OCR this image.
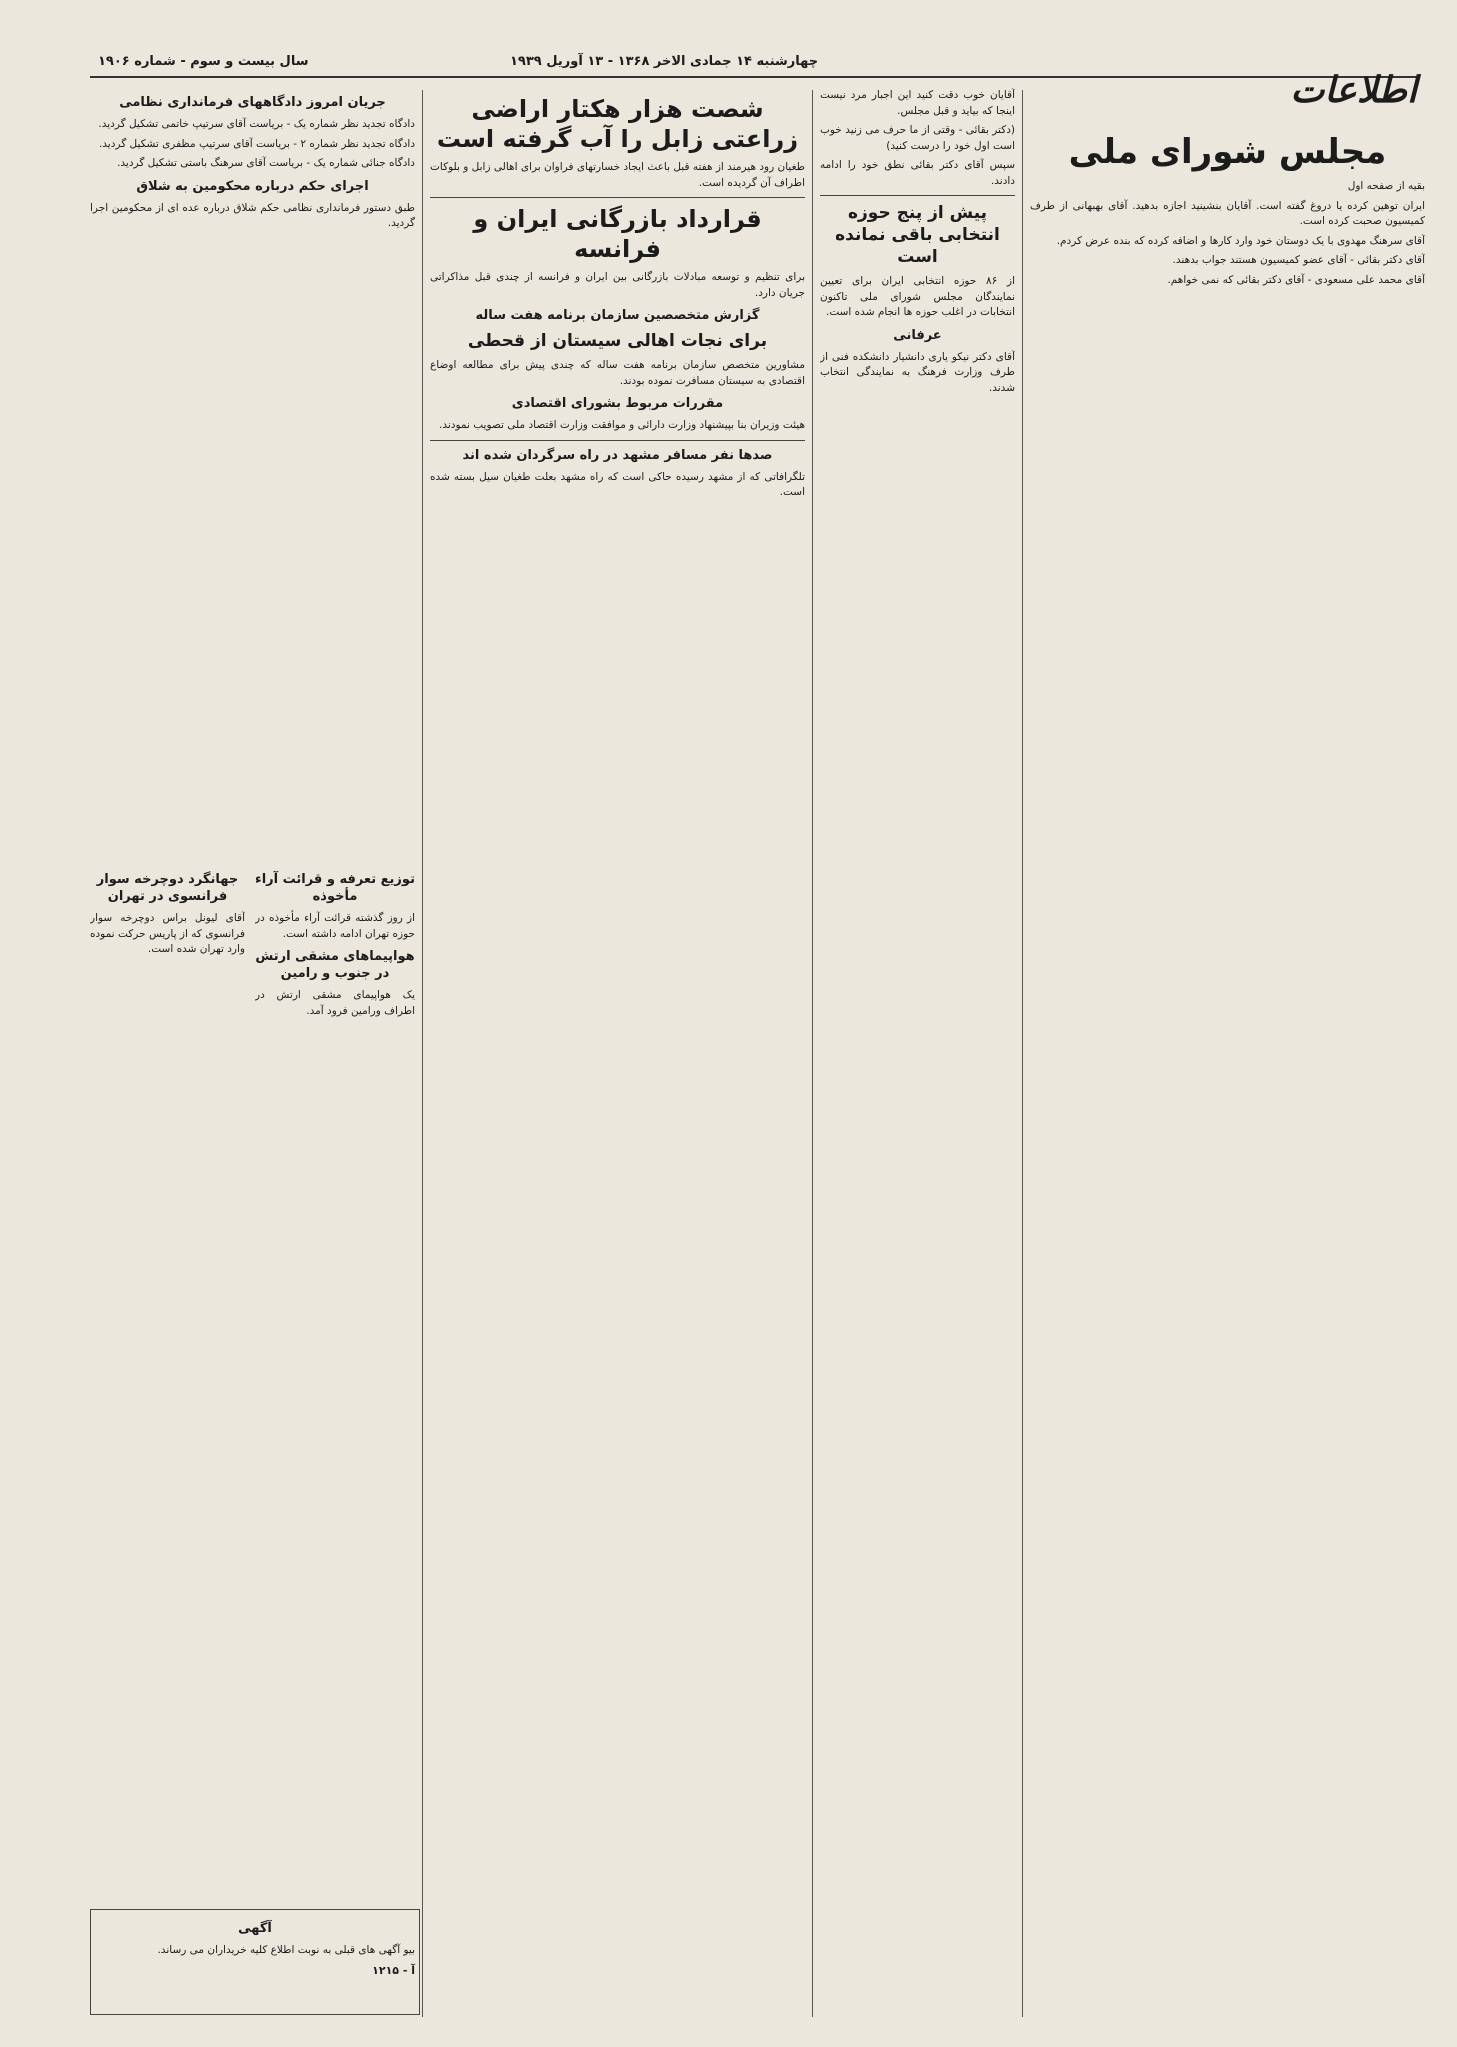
سال بیست و سوم - شماره ۱۹۰۶	چهارشنبه ۱۴ جمادی الاخر ۱۳۶۸ - ۱۳ آوریل ۱۹۳۹
اطلاعات
مجلس شورای ملی

بقیه از صفحه اول

ایران توهین کرده یا دروغ گفته است. آقایان بنشینید اجازه بدهید. آقای بهبهانی از طرف کمیسیون صحبت کرده است.

آقای سرهنگ مهدوی با یک دوستان خود وارد کارها و اضافه کرده که بنده عرض کردم.

آقای دکتر بقائی - آقای عضو کمیسیون هستند جواب بدهند.

آقای محمد علی مسعودی - آقای دکتر بقائی که نمی خواهم.

آقایان خوب دقت کنید این اجبار مرد نیست اینجا که بیاید و قبل مجلس.

(دکتر بقائی - وقتی از ما حرف می زنید خوب است اول خود را درست کنید)

سپس آقای دکتر بقائی نطق خود را ادامه دادند.

پیش از پنج حوزه انتخابی باقی نمانده است

از ۸۶ حوزه انتخابی ایران برای تعیین نمایندگان مجلس شورای ملی تاکنون انتخابات در اغلب حوزه ها انجام شده است.

عرفانی

آقای دکتر نیکو یاری دانشیار دانشکده فنی از طرف وزارت فرهنگ به نمایندگی انتخاب شدند.

شصت هزار هکتار اراضی زراعتی زابل را آب گرفته است

طغیان رود هیرمند از هفته قبل باعث ایجاد خسارتهای فراوان برای اهالی زابل و بلوکات اطراف آن گردیده است.

قرارداد بازرگانی ایران و فرانسه

برای تنظیم و توسعه مبادلات بازرگانی بین ایران و فرانسه از چندی قبل مذاکراتی جریان دارد.

گزارش متخصصین سازمان برنامه هفت ساله
برای نجات اهالی سیستان از قحطی

مشاورین متخصص سازمان برنامه هفت ساله که چندی پیش برای مطالعه اوضاع اقتصادی به سیستان مسافرت نموده بودند.

مقررات مربوط بشورای اقتصادی

هیئت وزیران بنا بپیشنهاد وزارت دارائی و موافقت وزارت اقتصاد ملی تصویب نمودند.

صدها نفر مسافر مشهد در راه سرگردان شده اند

تلگرافاتی که از مشهد رسیده حاکی است که راه مشهد بعلت طغیان سیل بسته شده است.

جریان امروز دادگاههای فرمانداری نظامی

دادگاه تجدید نظر شماره یک - بریاست آقای سرتیپ خاتمی تشکیل گردید.

دادگاه تجدید نظر شماره ۲ - بریاست آقای سرتیپ مظفری تشکیل گردید.

دادگاه جنائی شماره یک - بریاست آقای سرهنگ باستی تشکیل گردید.

اجرای حکم درباره محکومین به شلاق

طبق دستور فرمانداری نظامی حکم شلاق درباره عده ای از محکومین اجرا گردید.

جهانگرد دوچرخه سوار فرانسوی در تهران

آقای لیونل براس دوچرخه سوار فرانسوی که از پاریس حرکت نموده وارد تهران شده است.

توزیع تعرفه و قرائت آراء مأخوذه

از روز گذشته قرائت آراء مأخوذه در حوزه تهران ادامه داشته است.

هواپیماهای مشقی ارتش در جنوب و رامین

یک هواپیمای مشقی ارتش در اطراف ورامین فرود آمد.

آگهی

بیو آگهی های قبلی به نوبت اطلاع کلیه خریداران می رساند.

آ - ۱۲۱۵
